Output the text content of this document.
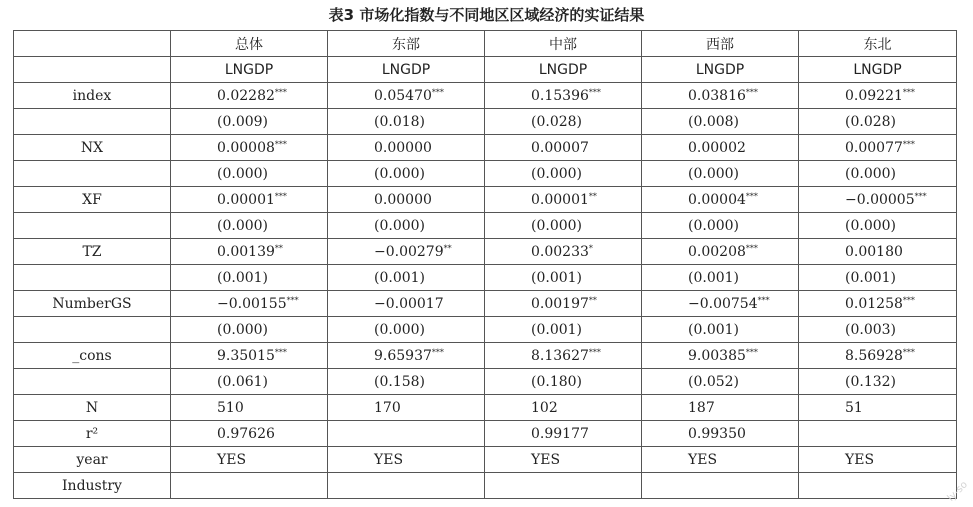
表3 市场化指数与不同地区区域经济的实证结果
	总体	东部	中部	西部	东北
	LNGDP	LNGDP	LNGDP	LNGDP	LNGDP
index	0.02282***	0.05470***	0.15396***	0.03816***	0.09221***
	(0.009)	(0.018)	(0.028)	(0.008)	(0.028)
NX	0.00008***	0.00000	0.00007	0.00002	0.00077***
	(0.000)	(0.000)	(0.000)	(0.000)	(0.000)
XF	0.00001***	0.00000	0.00001**	0.00004***	−0.00005***
	(0.000)	(0.000)	(0.000)	(0.000)	(0.000)
TZ	0.00139**	−0.00279**	0.00233*	0.00208***	0.00180
	(0.001)	(0.001)	(0.001)	(0.001)	(0.001)
NumberGS	−0.00155***	−0.00017	0.00197**	−0.00754***	0.01258***
	(0.000)	(0.000)	(0.001)	(0.001)	(0.003)
_cons	9.35015***	9.65937***	8.13627***	9.00385***	8.56928***
	(0.061)	(0.158)	(0.180)	(0.052)	(0.132)
N	510	170	102	187	51
r²	0.97626		0.99177	0.99350	
year	YES	YES	YES	YES	YES
Industry						ly-so
